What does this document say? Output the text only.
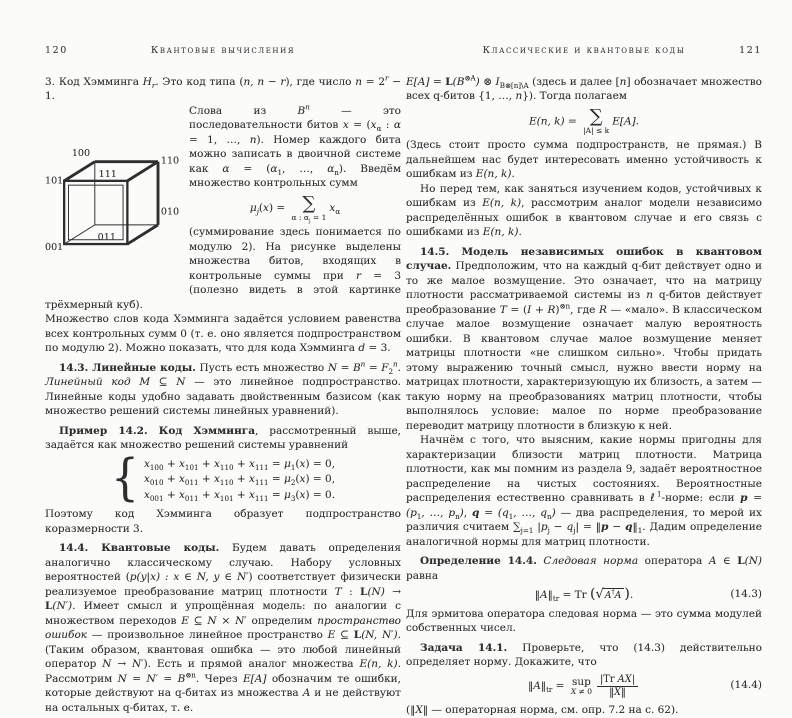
120	Квантовые вычисления

3. Код Хэмминга $H_r$. Это код типа (n, n − r), где число $n = 2^r - 1$.

100
110
111
101
010
011
001

Слова из $B^n$ — это последовательности битов $x = (x_\alpha$ : α = 1, …, n). Номер каждого бита можно записать в двоичной системе как $\alpha = (\alpha_1$, …, $\alpha_n$). Введём множество контрольных сумм

$\mu_j(x)$ = ∑
α : $\alpha_j = 1$
$x_\alpha$

(суммирование здесь понимается по модулю 2). На рисунке выделены множества битов, входящих в контрольные суммы при r = 3 (полезно видеть в этой картинке трёхмерный куб).

Множество слов кода Хэмминга задаётся условием равенства всех контрольных сумм 0 (т. е. оно является подпространством по модулю 2). Можно показать, что для кода Хэмминга d = 3.

14.3. Линейные коды. Пусть есть множество $N = B^n = F_2^n$. Линейный код М ⊆ N — это линейное подпространство. Линейные коды удобно задавать двойственным базисом (как множество решений системы линейных уравнений).

Пример 14.2. Код Хэмминга, рассмотренный выше, задаётся как множество решений системы уравнений

{ $x_{100} + x_{101} + x_{110} + x_{111} = \mu_1(x) = 0$,
$x_{010} + x_{011} + x_{110} + x_{111} = \mu_2(x) = 0$,
$x_{001} + x_{011} + x_{101} + x_{111} = \mu_3(x) = 0$.

Поэтому код Хэмминга образует подпространство коразмерности 3.

14.4. Квантовые коды. Будем давать определения аналогично классическому случаю. Набору условных вероятностей (p(y|x) : x ∈ N, y ∈ N′) соответствует физически реализуемое преобразование матриц плотности T : L(N) → L(N′). Имеет смысл и упрощённая модель: по аналогии с множеством переходов E ⊆ N × N′ определим пространство ошибок — произвольное линейное пространство E ⊆ L(N, N′). (Таким образом, квантовая ошибка — это любой линейный оператор N → N′). Есть и прямой аналог множества E(n, k). Рассмотрим $N = N' = B^{\otimes n}$. Через E[A] обозначим те ошибки, которые действуют на q-битах из множества A и не действуют на остальных q-битах, т. е.

Классические и квантовые коды	121

$E[A] = L(B^{\otimes A})$ ⊗ $I_{B\otimes[n]\backslash A}$ (здесь и далее [n] обозначает множество всех q-битов {1, …, n}). Тогда полагаем

E(n, k) = ∑
|A| ≤ k
E[A].

(Здесь стоит просто сумма подпространств, не прямая.) В дальнейшем нас будет интересовать именно устойчивость к ошибкам из E(n, k).

Но перед тем, как заняться изучением кодов, устойчивых к ошибкам из E(n, k), рассмотрим аналог модели независимо распределённых ошибок в квантовом случае и его связь с ошибками из E(n, k).

14.5. Модель независимых ошибок в квантовом случае. Предположим, что на каждый q-бит действует одно и то же малое возмущение. Это означает, что на матрицу плотности рассматриваемой системы из n q-битов действует преобразование $T = (I + R)^{\otimes n}$, где R — «мало». В классическом случае малое возмущение означает малую вероятность ошибки. В квантовом случае малое возмущение меняет матрицы плотности «не слишком сильно». Чтобы придать этому выражению точный смысл, нужно ввести норму на матрицах плотности, характеризующую их близость, а затем — такую норму на преобразованиях матриц плотности, чтобы выполнялось условие: малое по норме преобразование переводит матрицу плотности в близкую к ней.

Начнём с того, что выясним, какие нормы пригодны для характеризации близости матриц плотности. Матрица плотности, как мы помним из раздела 9, задаёт вероятностное распределение на чистых состояниях. Вероятностные распределения естественно сравнивать в ℓ$^1$-норме: если $p = (p_1$, …, $p_n$), $q = (q_1$, …, $q_n$) — два распределения, то мерой их различия считаем $\sum_{j=1}$ $|p_j - q_j|$ = ‖p − $q‖_1$. Дадим определение аналогичной нормы для матриц плотности.

Определение 14.4. Следовая норма оператора A ∈ L(N) равна

$‖A‖_{tr} = Tr$ ( √ A†A ).	(14.3)

Для эрмитова оператора следовая норма — это сумма модулей собственных чисел.

Задача 14.1. Проверьте, что (14.3) действительно определяет норму. Докажите, что

$‖A‖_{tr}$ = sup
$X \ne 0 \frac{\text{|Tr AX|}}{‖X‖}$	(14.4)

(‖X‖ — операторная норма, см. опр. 7.2 на с. 62).
